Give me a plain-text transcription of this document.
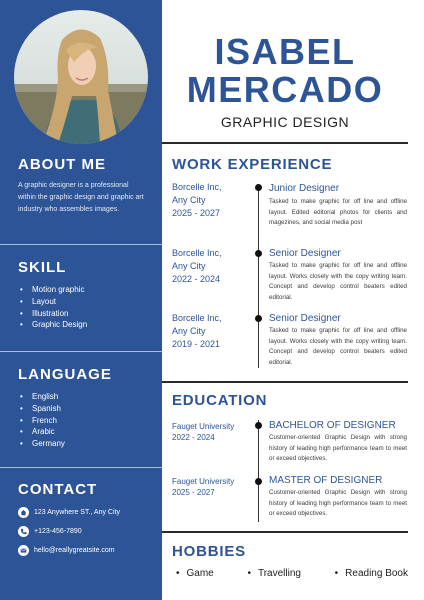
ABOUT ME
A graphic designer is a professional within the graphic design and graphic art industry who assembles images.
SKILL
• Motion graphic
• Layout
• Illustration
• Graphic Design
LANGUAGE
• English
• Spanish
• French
• Arabic
• Germany
CONTACT
123 Anywhere ST., Any City
+123-456-7890
hello@reallygreatsite.com
ISABEL
MERCADO
GRAPHIC DESIGN
WORK EXPERIENCE
Borcelle Inc,
Any City
2025 - 2027
Junior Designer
Tasked to make graphic for off line and offline layout. Edited editorial photos for clients and magezines, and social media post
Borcelle Inc,
Any City
2022 - 2024
Senior Designer
Tasked to make graphic for off line and offline layout. Works closely with the copy writing team. Concept and develop control beaters edited editorial.
Borcelle Inc,
Any City
2019 - 2021
Senior Designer
Tasked to make graphic for off line and offline layout. Works closely with the copy writing team. Concept and develop control beaters edited editorial.
EDUCATION
Fauget University
2022 - 2024
BACHELOR OF DESIGNER
Customer-oriented Graphic Design with strong history of leading high performance team to meet or exceed objectives.
Fauget University
2025 - 2027
MASTER OF DESIGNER
Customer-oriented Graphic Design with strong history of leading high performance team to meet or exceed objectives.
HOBBIES
• Game	• Travelling	• Reading Book
